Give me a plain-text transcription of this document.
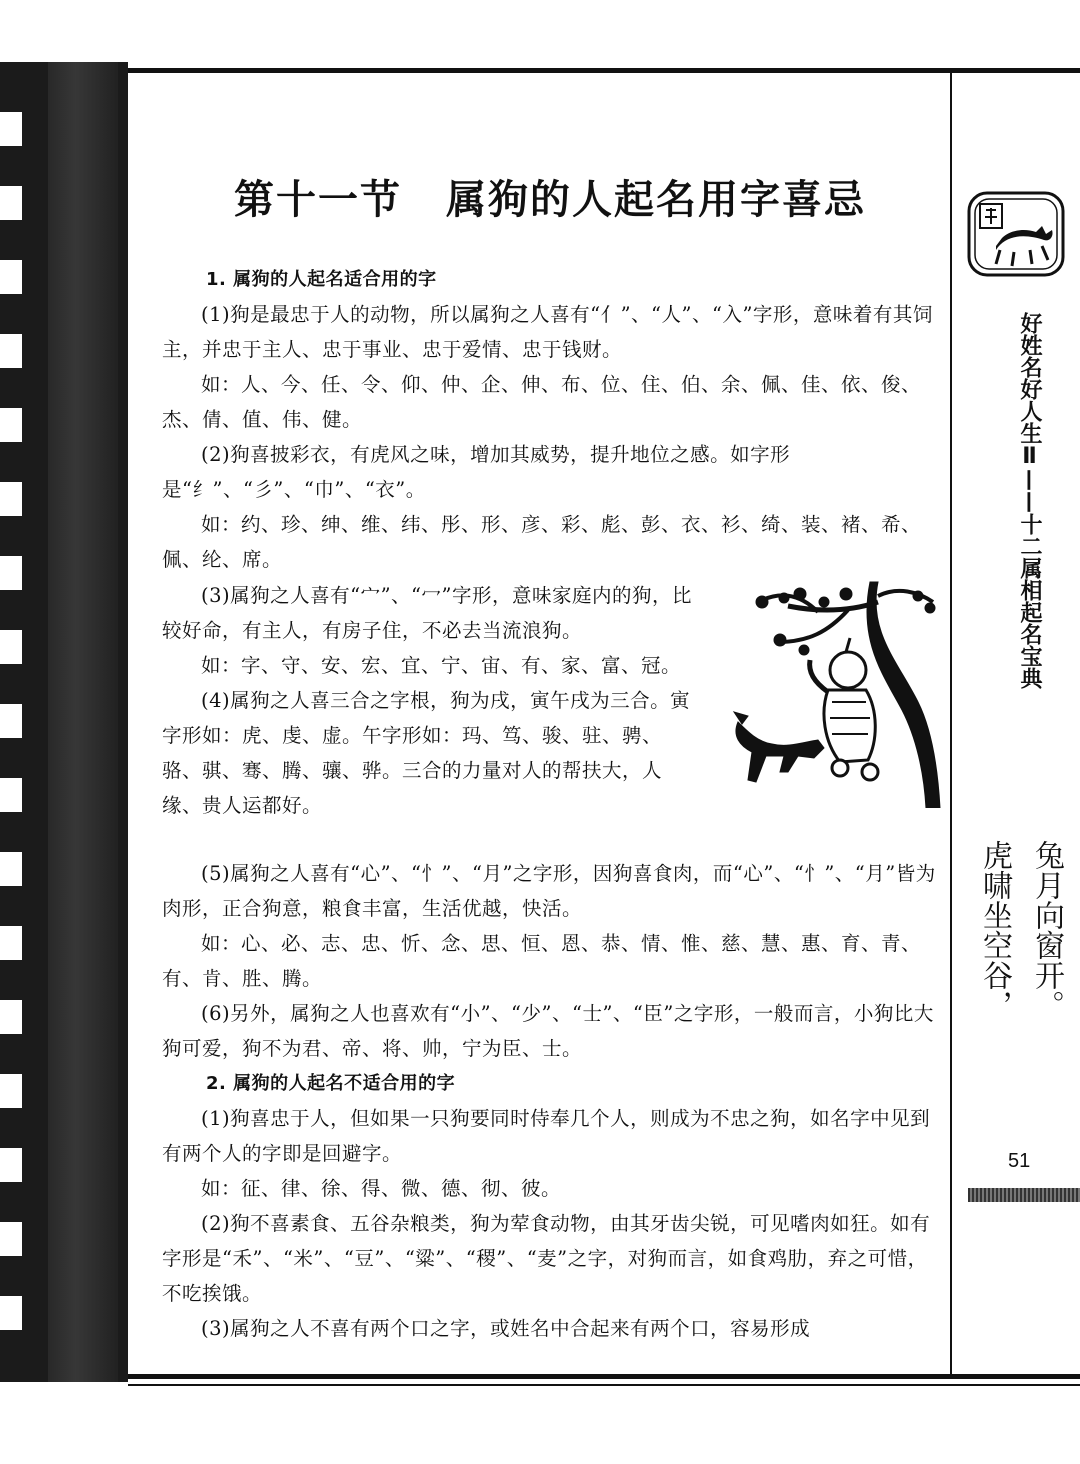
第十一节 属狗的人起名用字喜忌

1. 属狗的人起名适合用的字

(1)狗是最忠于人的动物，所以属狗之人喜有“亻”、“人”、“入”字形，意味着有其饲主，并忠于主人、忠于事业、忠于爱情、忠于钱财。

如：人、今、任、令、仰、仲、企、伸、布、位、住、伯、余、佩、佳、依、俊、杰、倩、值、伟、健。

(2)狗喜披彩衣，有虎风之味，增加其威势，提升地位之感。如字形是“纟”、“彡”、“巾”、“衣”。

如：约、珍、绅、维、纬、彤、形、彦、彩、彪、彭、衣、衫、绮、装、褚、希、佩、纶、席。

(3)属狗之人喜有“宀”、“冖”字形，意味家庭内的狗，比较好命，有主人，有房子住，不必去当流浪狗。

如：字、守、安、宏、宜、宁、宙、有、家、富、冠。

(4)属狗之人喜三合之字根，狗为戌，寅午戌为三合。寅字形如：虎、虔、虚。午字形如：玛、笃、骏、驻、骋、骆、骐、骞、腾、骧、骅。三合的力量对人的帮扶大，人缘、贵人运都好。

(5)属狗之人喜有“心”、“忄”、“月”之字形，因狗喜食肉，而“心”、“忄”、“月”皆为肉形，正合狗意，粮食丰富，生活优越，快活。

如：心、必、志、忠、忻、念、思、恒、恩、恭、情、惟、慈、慧、惠、育、青、有、肯、胜、腾。

(6)另外，属狗之人也喜欢有“小”、“少”、“士”、“臣”之字形，一般而言，小狗比大狗可爱，狗不为君、帝、将、帅，宁为臣、士。

2. 属狗的人起名不适合用的字

(1)狗喜忠于人，但如果一只狗要同时侍奉几个人，则成为不忠之狗，如名字中见到有两个人的字即是回避字。

如：征、律、徐、得、微、德、彻、彼。

(2)狗不喜素食、五谷杂粮类，狗为荤食动物，由其牙齿尖锐，可见嗜肉如狂。如有字形是“禾”、“米”、“豆”、“粱”、“稷”、“麦”之字，对狗而言，如食鸡肋，弃之可惜，不吃挨饿。

(3)属狗之人不喜有两个口之字，或姓名中合起来有两个口，容易形成

好姓名好人生Ⅱ——十二属相起名宝典
兔月向窗开。
虎啸坐空谷，
51
